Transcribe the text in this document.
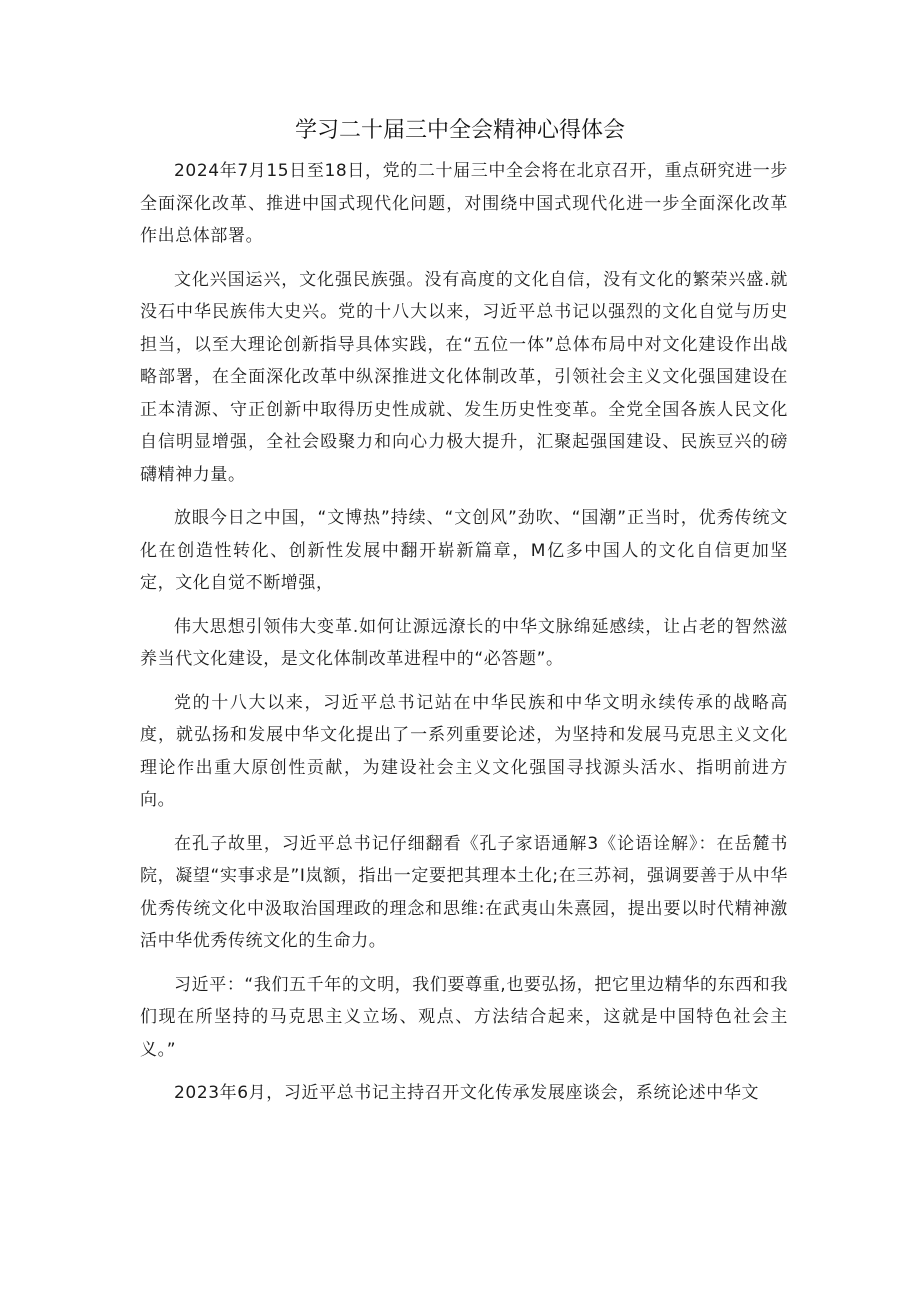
学习二十届三中全会精神心得体会

2024年7月15日至18日，党的二十届三中全会将在北京召开，重点研究进一步全面深化改革、推进中国式现代化问题，对围绕中国式现代化进一步全面深化改革作出总体部署。

文化兴国运兴，文化强民族强。没有高度的文化自信，没有文化的繁荣兴盛.就没石中华民族伟大史兴。党的十八大以来，习近平总书记以强烈的文化自觉与历史担当，以至大理论创新指导具体实践，在“五位一体”总体布局中对文化建设作出战略部署，在全面深化改革中纵深推进文化体制改革，引领社会主义文化强国建设在正本清源、守正创新中取得历史性成就、发生历史性变革。全党全国各族人民文化自信明显增强，全社会殴聚力和向心力极大提升，汇聚起强国建设、民族豆兴的磅礴精神力量。

放眼今日之中国，“文博热”持续、“文创风”劲吹、“国潮”正当时，优秀传统文化在创造性转化、创新性发展中翻开崭新篇章，M亿多中国人的文化自信更加坚定，文化自觉不断增强，

伟大思想引领伟大变革.如何让源远潦长的中华文脉绵延感续，让占老的智然滋养当代文化建设，是文化体制改革进程中的“必答题”。

党的十八大以来，习近平总书记站在中华民族和中华文明永续传承的战略高度，就弘扬和发展中华文化提出了一系列重要论述，为坚持和发展马克思主义文化理论作出重大原创性贡献，为建设社会主义文化强国寻找源头活水、指明前进方向。

在孔子故里，习近平总书记仔细翻看《孔子家语通解3《论语诠解》：在岳麓书院，凝望“实事求是”I岚额，指出一定要把其理本土化;在三苏祠，强调要善于从中华优秀传统文化中汲取治国理政的理念和思维:在武夷山朱熹园，提出要以时代精神激活中华优秀传统文化的生命力。

习近平：“我们五千年的文明，我们要尊重,也要弘扬，把它里边精华的东西和我们现在所坚持的马克思主义立场、观点、方法结合起来，这就是中国特色社会主义。”

2023年6月，习近平总书记主持召开文化传承发展座谈会，系统论述中华文
